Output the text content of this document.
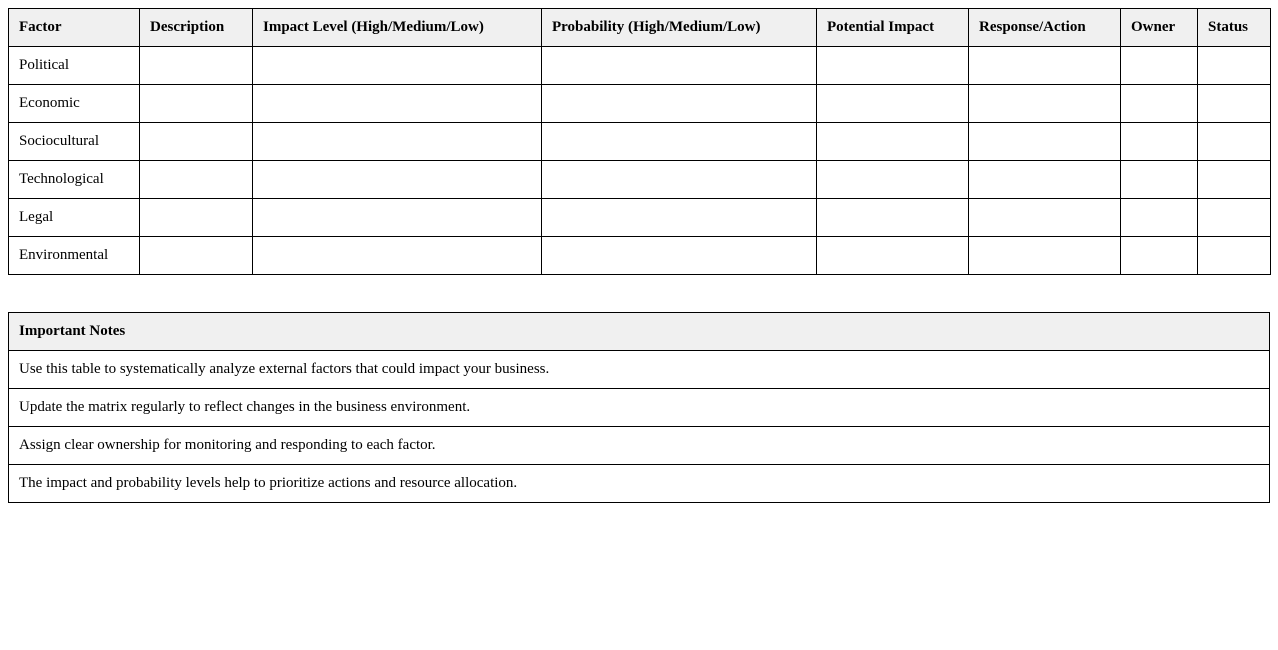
Factor	Description	Impact Level (High/Medium/Low)	Probability (High/Medium/Low)	Potential Impact	Response/Action	Owner	Status
Political							
Economic							
Sociocultural							
Technological							
Legal							
Environmental							
Important Notes
Use this table to systematically analyze external factors that could impact your business.
Update the matrix regularly to reflect changes in the business environment.
Assign clear ownership for monitoring and responding to each factor.
The impact and probability levels help to prioritize actions and resource allocation.
